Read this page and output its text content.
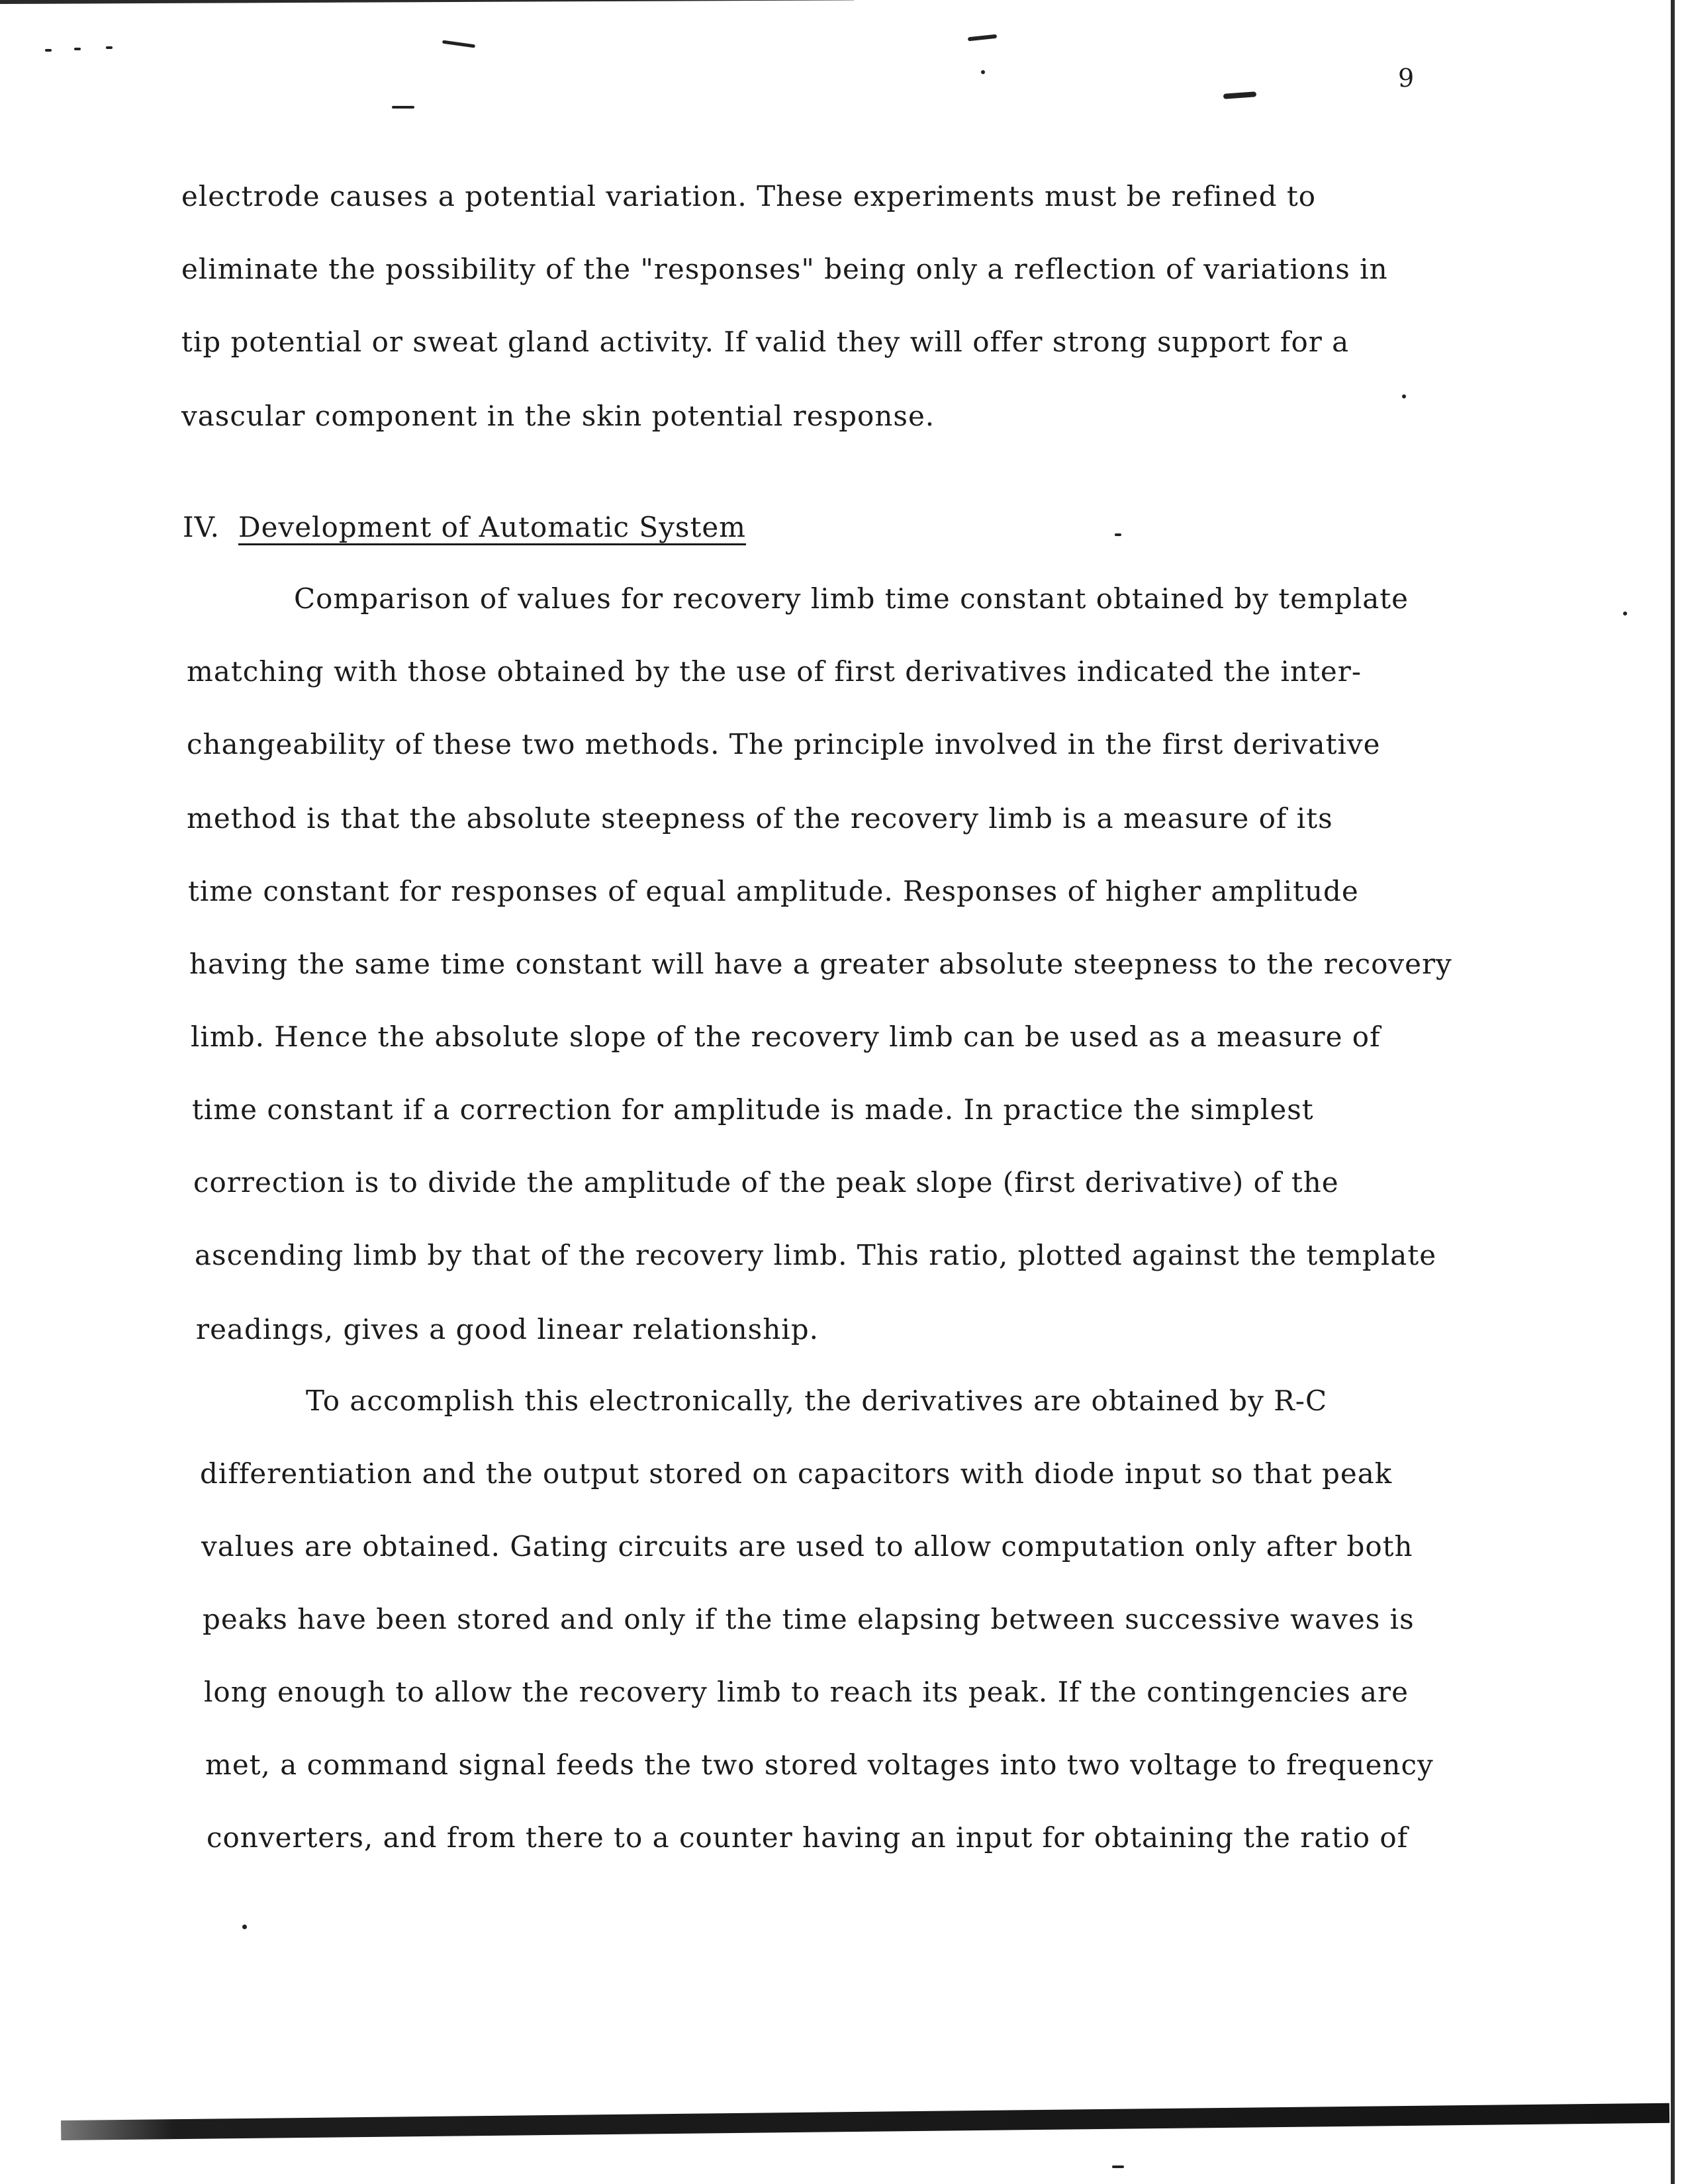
9
electrode causes a potential variation. These experiments must be refined to
eliminate the possibility of the "responses" being only a reflection of variations in
tip potential or sweat gland activity. If valid they will offer strong support for a
vascular component in the skin potential response.
IV. Development of Automatic System
Comparison of values for recovery limb time constant obtained by template
matching with those obtained by the use of first derivatives indicated the inter-
changeability of these two methods. The principle involved in the first derivative
method is that the absolute steepness of the recovery limb is a measure of its
time constant for responses of equal amplitude. Responses of higher amplitude
having the same time constant will have a greater absolute steepness to the recovery
limb. Hence the absolute slope of the recovery limb can be used as a measure of
time constant if a correction for amplitude is made. In practice the simplest
correction is to divide the amplitude of the peak slope (first derivative) of the
ascending limb by that of the recovery limb. This ratio, plotted against the template
readings, gives a good linear relationship.
To accomplish this electronically, the derivatives are obtained by R-C
differentiation and the output stored on capacitors with diode input so that peak
values are obtained. Gating circuits are used to allow computation only after both
peaks have been stored and only if the time elapsing between successive waves is
long enough to allow the recovery limb to reach its peak. If the contingencies are
met, a command signal feeds the two stored voltages into two voltage to frequency
converters, and from there to a counter having an input for obtaining the ratio of
